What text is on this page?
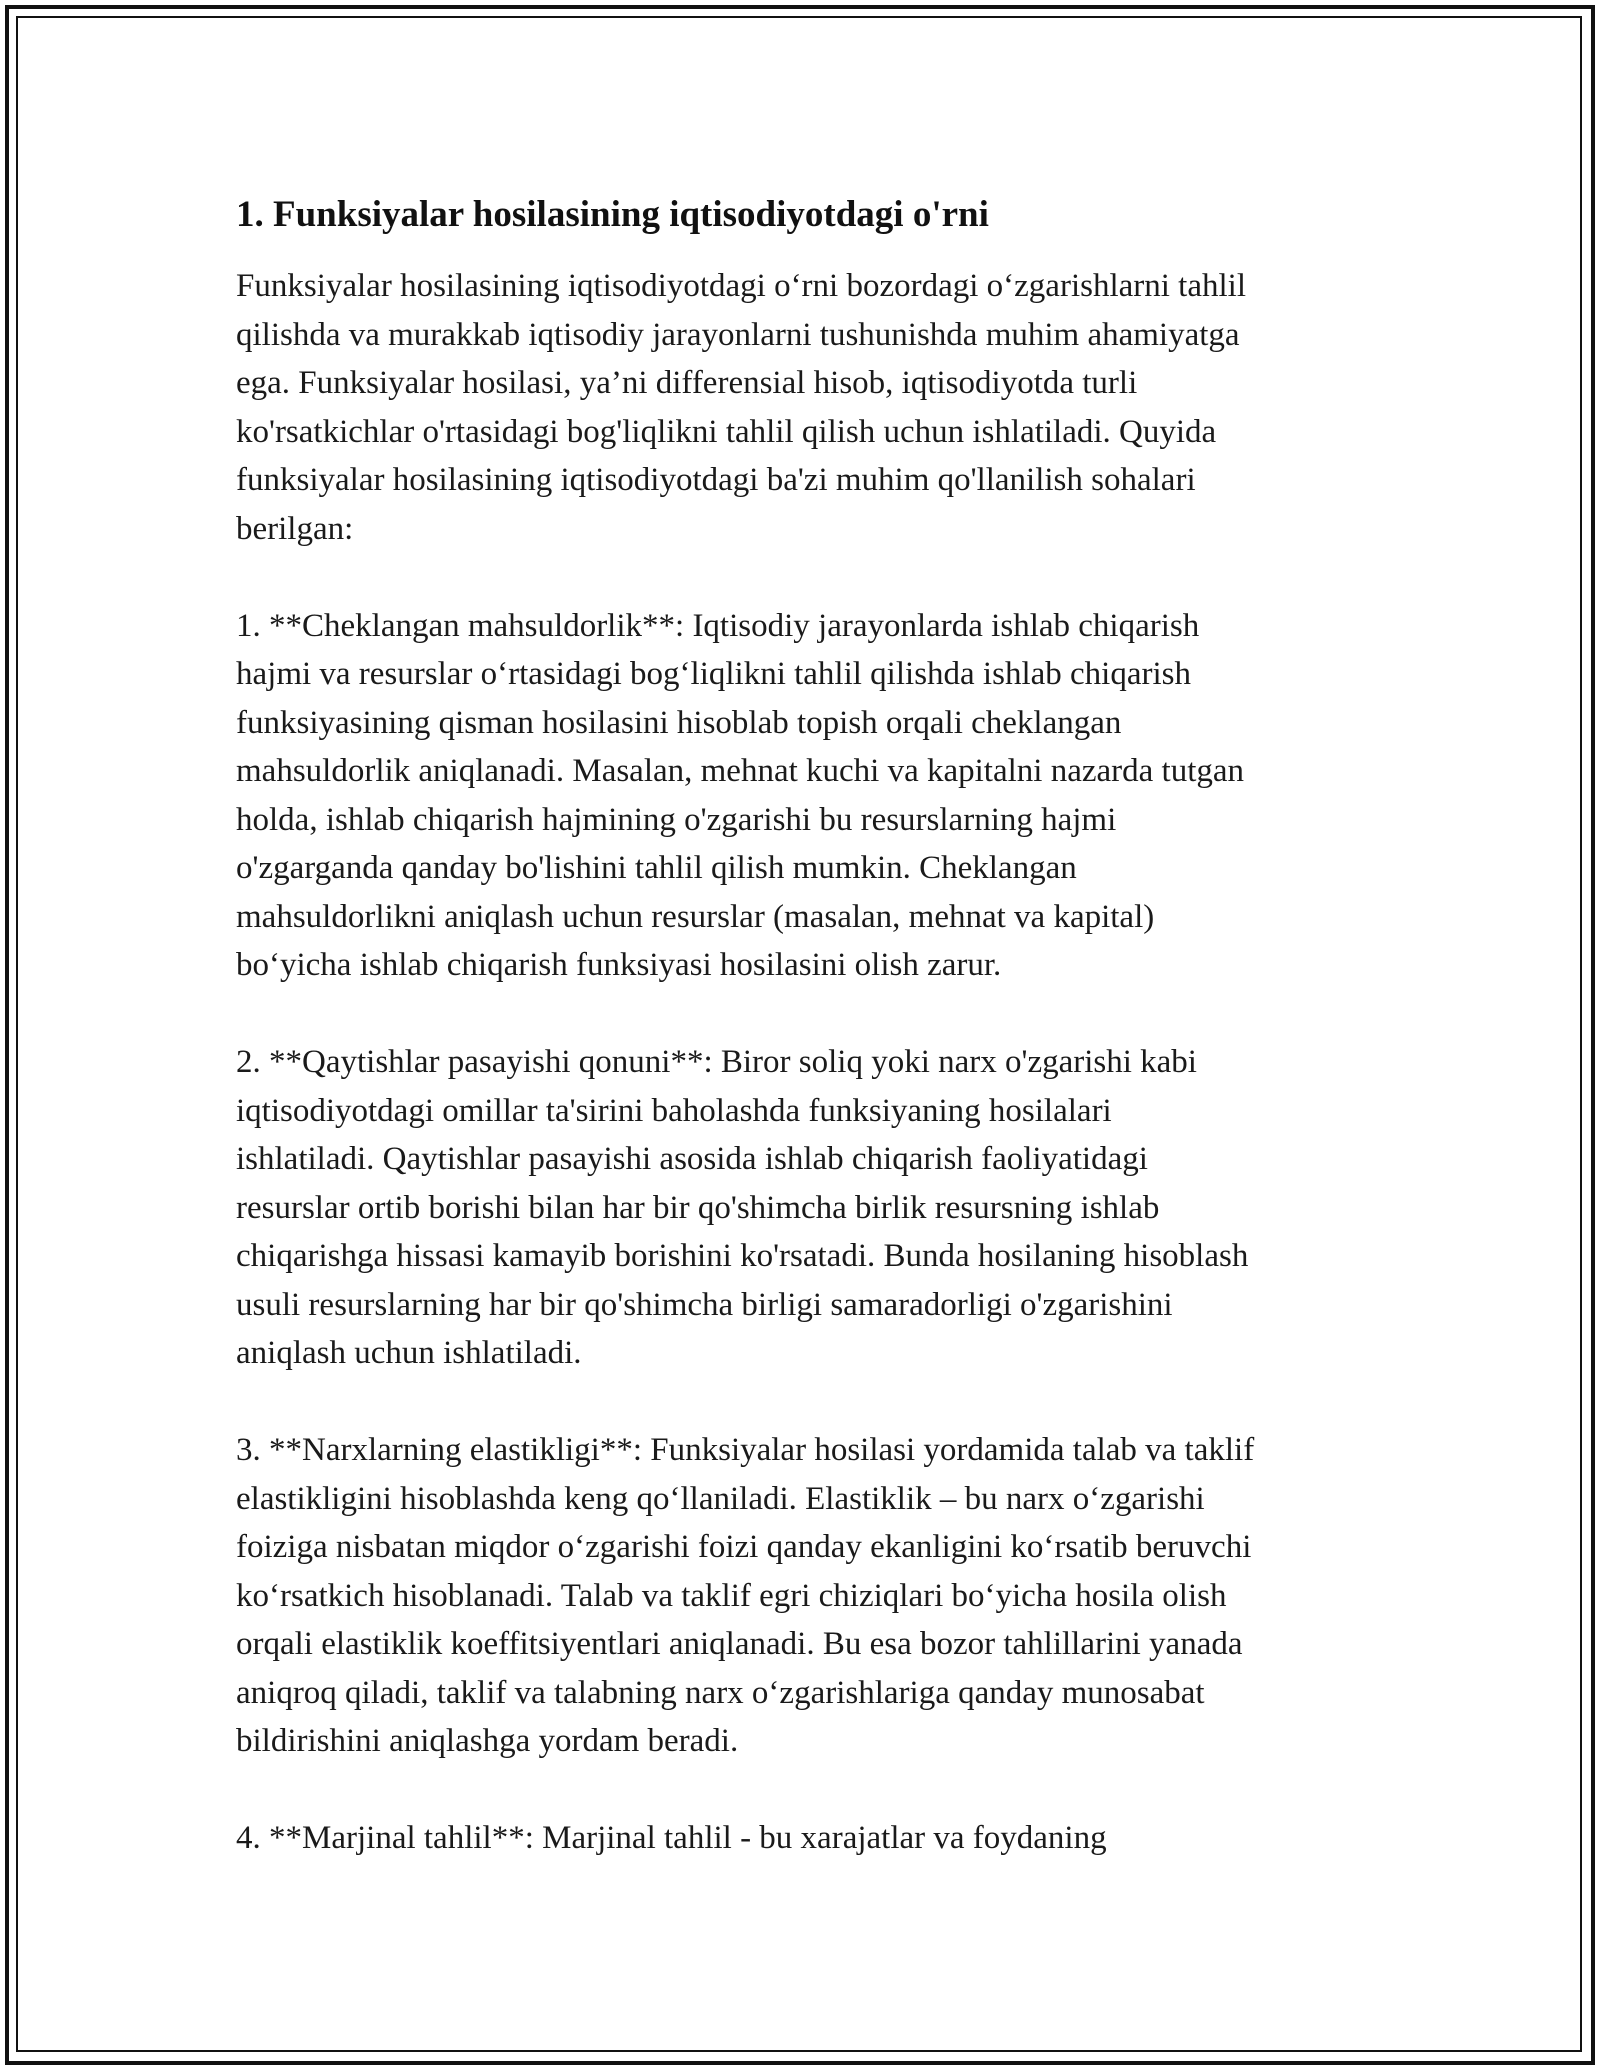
1. Funksiyalar hosilasining iqtisodiyotdagi o'rni

Funksiyalar hosilasining iqtisodiyotdagi o‘rni bozordagi o‘zgarishlarni tahlil
qilishda va murakkab iqtisodiy jarayonlarni tushunishda muhim ahamiyatga
ega. Funksiyalar hosilasi, ya’ni differensial hisob, iqtisodiyotda turli
ko'rsatkichlar o'rtasidagi bog'liqlikni tahlil qilish uchun ishlatiladi. Quyida
funksiyalar hosilasining iqtisodiyotdagi ba'zi muhim qo'llanilish sohalari
berilgan:

1. **Cheklangan mahsuldorlik**: Iqtisodiy jarayonlarda ishlab chiqarish
hajmi va resurslar o‘rtasidagi bog‘liqlikni tahlil qilishda ishlab chiqarish
funksiyasining qisman hosilasini hisoblab topish orqali cheklangan
mahsuldorlik aniqlanadi. Masalan, mehnat kuchi va kapitalni nazarda tutgan
holda, ishlab chiqarish hajmining o'zgarishi bu resurslarning hajmi
o'zgarganda qanday bo'lishini tahlil qilish mumkin. Cheklangan
mahsuldorlikni aniqlash uchun resurslar (masalan, mehnat va kapital)
bo‘yicha ishlab chiqarish funksiyasi hosilasini olish zarur.

2. **Qaytishlar pasayishi qonuni**: Biror soliq yoki narx o'zgarishi kabi
iqtisodiyotdagi omillar ta'sirini baholashda funksiyaning hosilalari
ishlatiladi. Qaytishlar pasayishi asosida ishlab chiqarish faoliyatidagi
resurslar ortib borishi bilan har bir qo'shimcha birlik resursning ishlab
chiqarishga hissasi kamayib borishini ko'rsatadi. Bunda hosilaning hisoblash
usuli resurslarning har bir qo'shimcha birligi samaradorligi o'zgarishini
aniqlash uchun ishlatiladi.

3. **Narxlarning elastikligi**: Funksiyalar hosilasi yordamida talab va taklif
elastikligini hisoblashda keng qo‘llaniladi. Elastiklik – bu narx o‘zgarishi
foiziga nisbatan miqdor o‘zgarishi foizi qanday ekanligini ko‘rsatib beruvchi
ko‘rsatkich hisoblanadi. Talab va taklif egri chiziqlari bo‘yicha hosila olish
orqali elastiklik koeffitsiyentlari aniqlanadi. Bu esa bozor tahlillarini yanada
aniqroq qiladi, taklif va talabning narx o‘zgarishlariga qanday munosabat
bildirishini aniqlashga yordam beradi.

4. **Marjinal tahlil**: Marjinal tahlil - bu xarajatlar va foydaning
